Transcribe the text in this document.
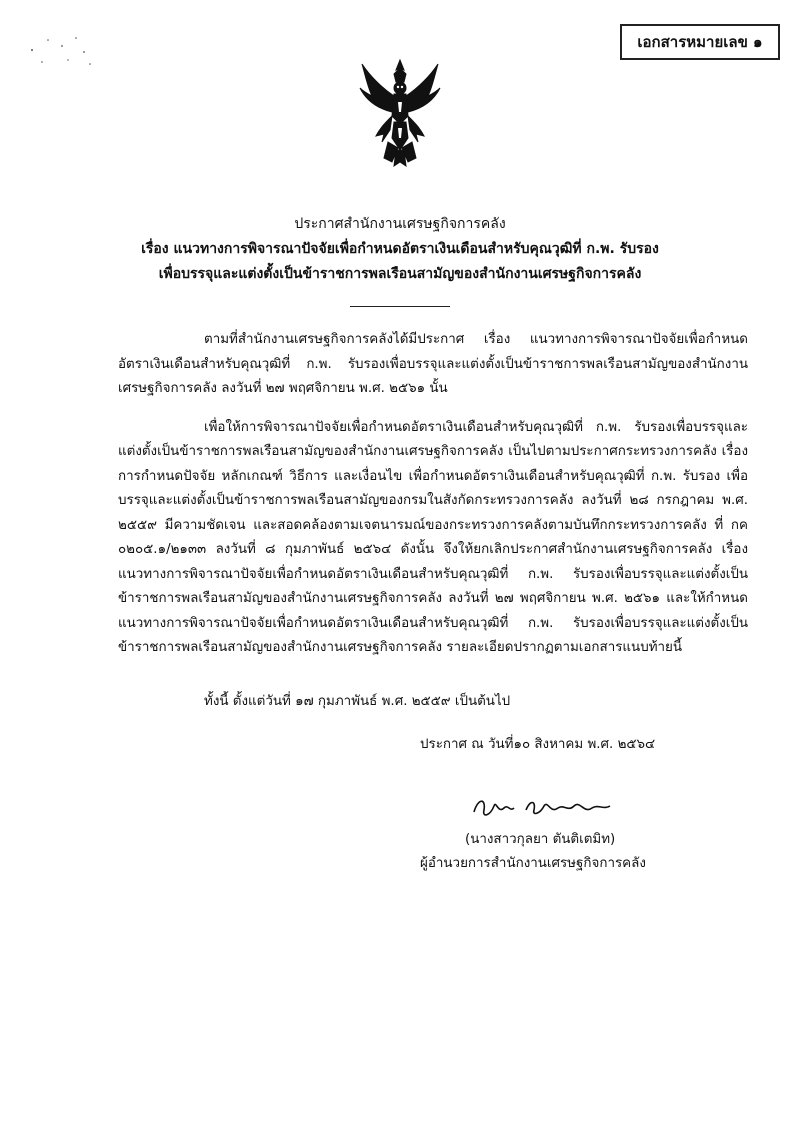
เอกสารหมายเลข ๑
ประกาศสำนักงานเศรษฐกิจการคลัง
เรื่อง แนวทางการพิจารณาปัจจัยเพื่อกำหนดอัตราเงินเดือนสำหรับคุณวุฒิที่ ก.พ. รับรอง
เพื่อบรรจุและแต่งตั้งเป็นข้าราชการพลเรือนสามัญของสำนักงานเศรษฐกิจการคลัง

ตามที่สำนักงานเศรษฐกิจการคลังได้มีประกาศ เรื่อง แนวทางการพิจารณาปัจจัยเพื่อกำหนดอัตราเงินเดือนสำหรับคุณวุฒิที่ ก.พ. รับรองเพื่อบรรจุและแต่งตั้งเป็นข้าราชการพลเรือนสามัญของสำนักงานเศรษฐกิจการคลัง ลงวันที่ ๒๗ พฤศจิกายน พ.ศ. ๒๕๖๑ นั้น

เพื่อให้การพิจารณาปัจจัยเพื่อกำหนดอัตราเงินเดือนสำหรับคุณวุฒิที่ ก.พ. รับรองเพื่อบรรจุและแต่งตั้งเป็นข้าราชการพลเรือนสามัญของสำนักงานเศรษฐกิจการคลัง เป็นไปตามประกาศกระทรวงการคลัง เรื่อง การกำหนดปัจจัย หลักเกณฑ์ วิธีการ และเงื่อนไข เพื่อกำหนดอัตราเงินเดือนสำหรับคุณวุฒิที่ ก.พ. รับรอง เพื่อบรรจุและแต่งตั้งเป็นข้าราชการพลเรือนสามัญของกรมในสังกัดกระทรวงการคลัง ลงวันที่ ๒๘ กรกฎาคม พ.ศ. ๒๕๕๙ มีความชัดเจน และสอดคล้องตามเจตนารมณ์ของกระทรวงการคลังตามบันทึกกระทรวงการคลัง ที่ กค ๐๒๐๕.๑/๒๑๓๓ ลงวันที่ ๘ กุมภาพันธ์ ๒๕๖๔ ดังนั้น จึงให้ยกเลิกประกาศสำนักงานเศรษฐกิจการคลัง เรื่อง แนวทางการพิจารณาปัจจัยเพื่อกำหนดอัตราเงินเดือนสำหรับคุณวุฒิที่ ก.พ. รับรองเพื่อบรรจุและแต่งตั้งเป็นข้าราชการพลเรือนสามัญของสำนักงานเศรษฐกิจการคลัง ลงวันที่ ๒๗ พฤศจิกายน พ.ศ. ๒๕๖๑ และให้กำหนดแนวทางการพิจารณาปัจจัยเพื่อกำหนดอัตราเงินเดือนสำหรับคุณวุฒิที่ ก.พ. รับรองเพื่อบรรจุและแต่งตั้งเป็นข้าราชการพลเรือนสามัญของสำนักงานเศรษฐกิจการคลัง รายละเอียดปรากฏตามเอกสารแนบท้ายนี้

ทั้งนี้ ตั้งแต่วันที่ ๑๗ กุมภาพันธ์ พ.ศ. ๒๕๕๙ เป็นต้นไป
ประกาศ ณ วันที่๑๐ สิงหาคม พ.ศ. ๒๕๖๔
(นางสาวกุลยา ตันติเตมิท)
ผู้อำนวยการสำนักงานเศรษฐกิจการคลัง
